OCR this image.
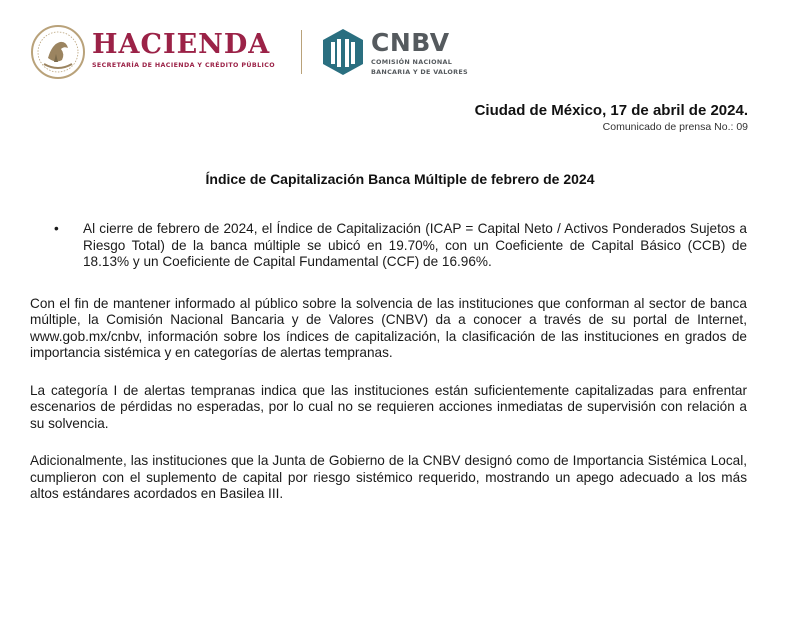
HACIENDA
SECRETARÍA DE HACIENDA Y CRÉDITO PÚBLICO
CNBV
COMISIÓN NACIONAL
BANCARIA Y DE VALORES
Ciudad de México, 17 de abril de 2024.
Comunicado de prensa No.: 09
Índice de Capitalización Banca Múltiple de febrero de 2024
• Al cierre de febrero de 2024, el Índice de Capitalización (ICAP = Capital Neto / Activos Ponderados Sujetos a Riesgo Total) de la banca múltiple se ubicó en 19.70%, con un Coeficiente de Capital Básico (CCB) de 18.13% y un Coeficiente de Capital Fundamental (CCF) de 16.96%.

Con el fin de mantener informado al público sobre la solvencia de las instituciones que conforman al sector de banca múltiple, la Comisión Nacional Bancaria y de Valores (CNBV) da a conocer a través de su portal de Internet, www.gob.mx/cnbv, información sobre los índices de capitalización, la clasificación de las instituciones en grados de importancia sistémica y en categorías de alertas tempranas.

La categoría I de alertas tempranas indica que las instituciones están suficientemente capitalizadas para enfrentar escenarios de pérdidas no esperadas, por lo cual no se requieren acciones inmediatas de supervisión con relación a su solvencia.

Adicionalmente, las instituciones que la Junta de Gobierno de la CNBV designó como de Importancia Sistémica Local, cumplieron con el suplemento de capital por riesgo sistémico requerido, mostrando un apego adecuado a los más altos estándares acordados en Basilea III.
